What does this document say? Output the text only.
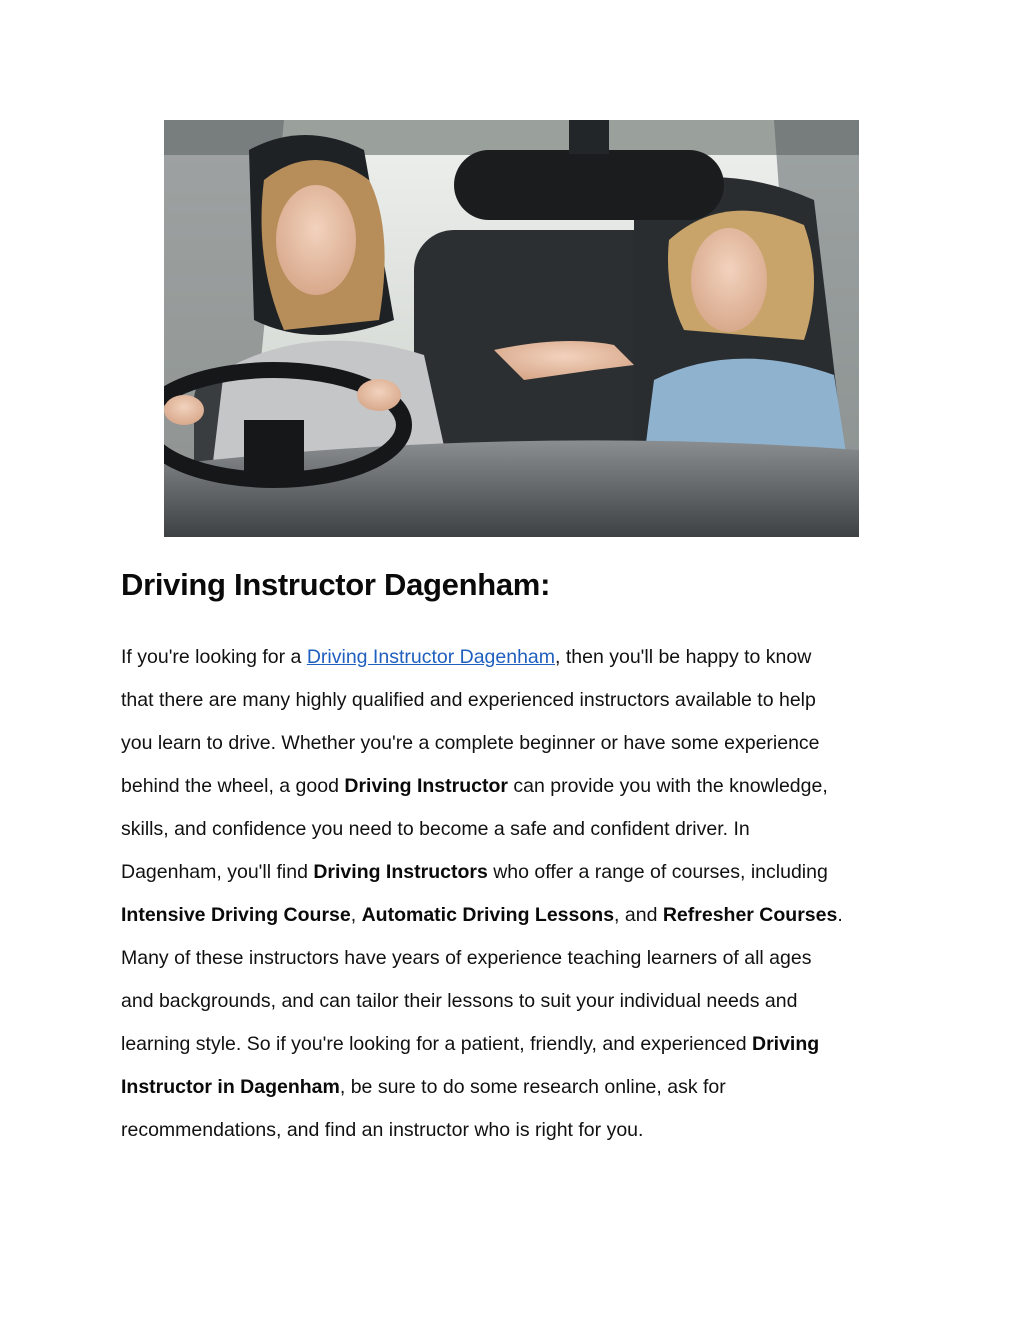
Driving Instructor Dagenham:
If you're looking for a Driving Instructor Dagenham, then you'll be happy to know
that there are many highly qualified and experienced instructors available to help
you learn to drive. Whether you're a complete beginner or have some experience
behind the wheel, a good Driving Instructor can provide you with the knowledge,
skills, and confidence you need to become a safe and confident driver. In
Dagenham, you'll find Driving Instructors who offer a range of courses, including
Intensive Driving Course, Automatic Driving Lessons, and Refresher Courses.
Many of these instructors have years of experience teaching learners of all ages
and backgrounds, and can tailor their lessons to suit your individual needs and
learning style. So if you're looking for a patient, friendly, and experienced Driving
Instructor in Dagenham, be sure to do some research online, ask for
recommendations, and find an instructor who is right for you.
